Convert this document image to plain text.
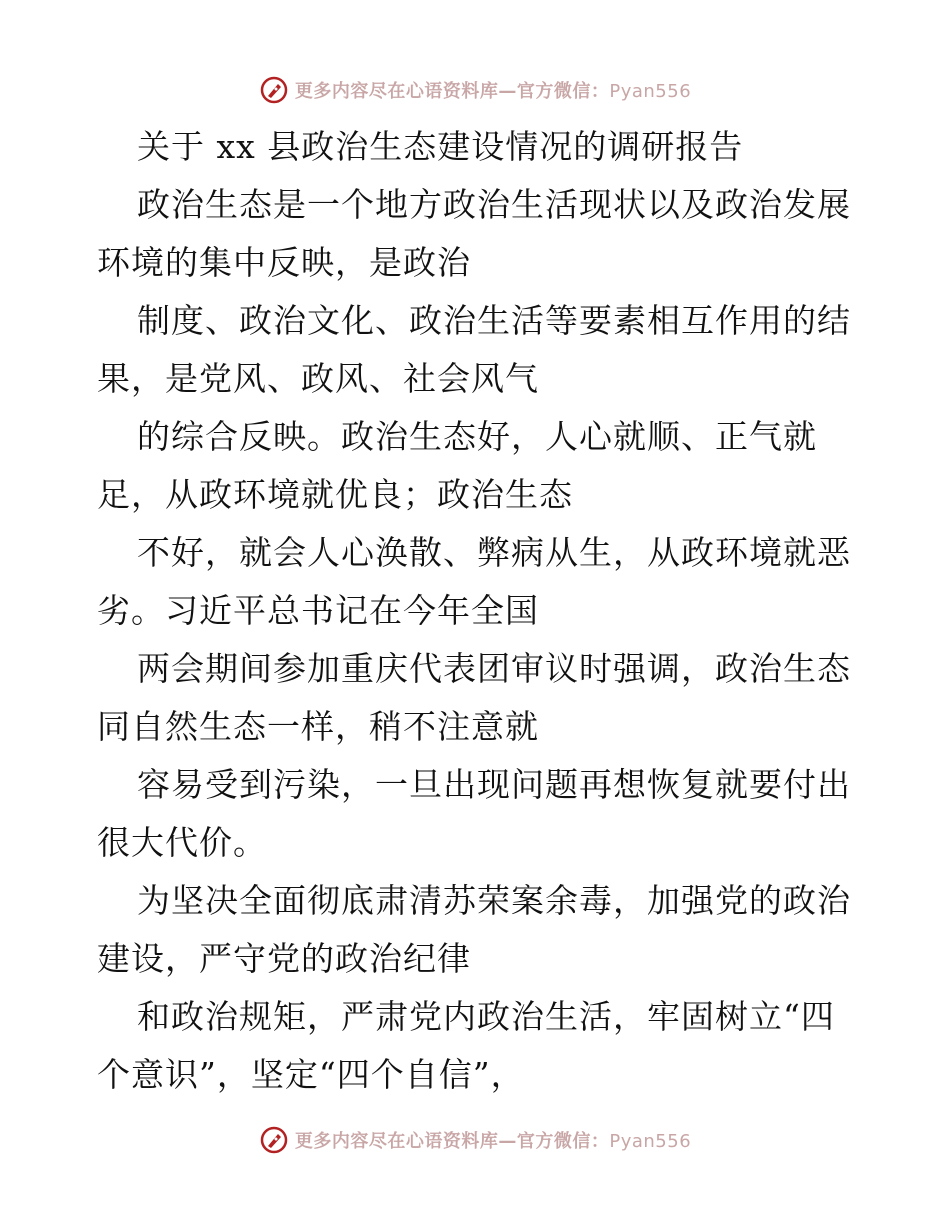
更多内容尽在心语资料库—官方微信：Pyan556
关于 xx 县政治生态建设情况的调研报告
政治生态是一个地方政治生活现状以及政治发展
环境的集中反映，是政治
制度、政治文化、政治生活等要素相互作用的结
果，是党风、政风、社会风气
的综合反映。政治生态好，人心就顺、正气就
足，从政环境就优良；政治生态
不好，就会人心涣散、弊病从生，从政环境就恶
劣。习近平总书记在今年全国
两会期间参加重庆代表团审议时强调，政治生态
同自然生态一样，稍不注意就
容易受到污染，一旦出现问题再想恢复就要付出
很大代价。
为坚决全面彻底肃清苏荣案余毒，加强党的政治
建设，严守党的政治纪律
和政治规矩，严肃党内政治生活，牢固树立“四
个意识”，坚定“四个自信”，
更多内容尽在心语资料库—官方微信：Pyan556
